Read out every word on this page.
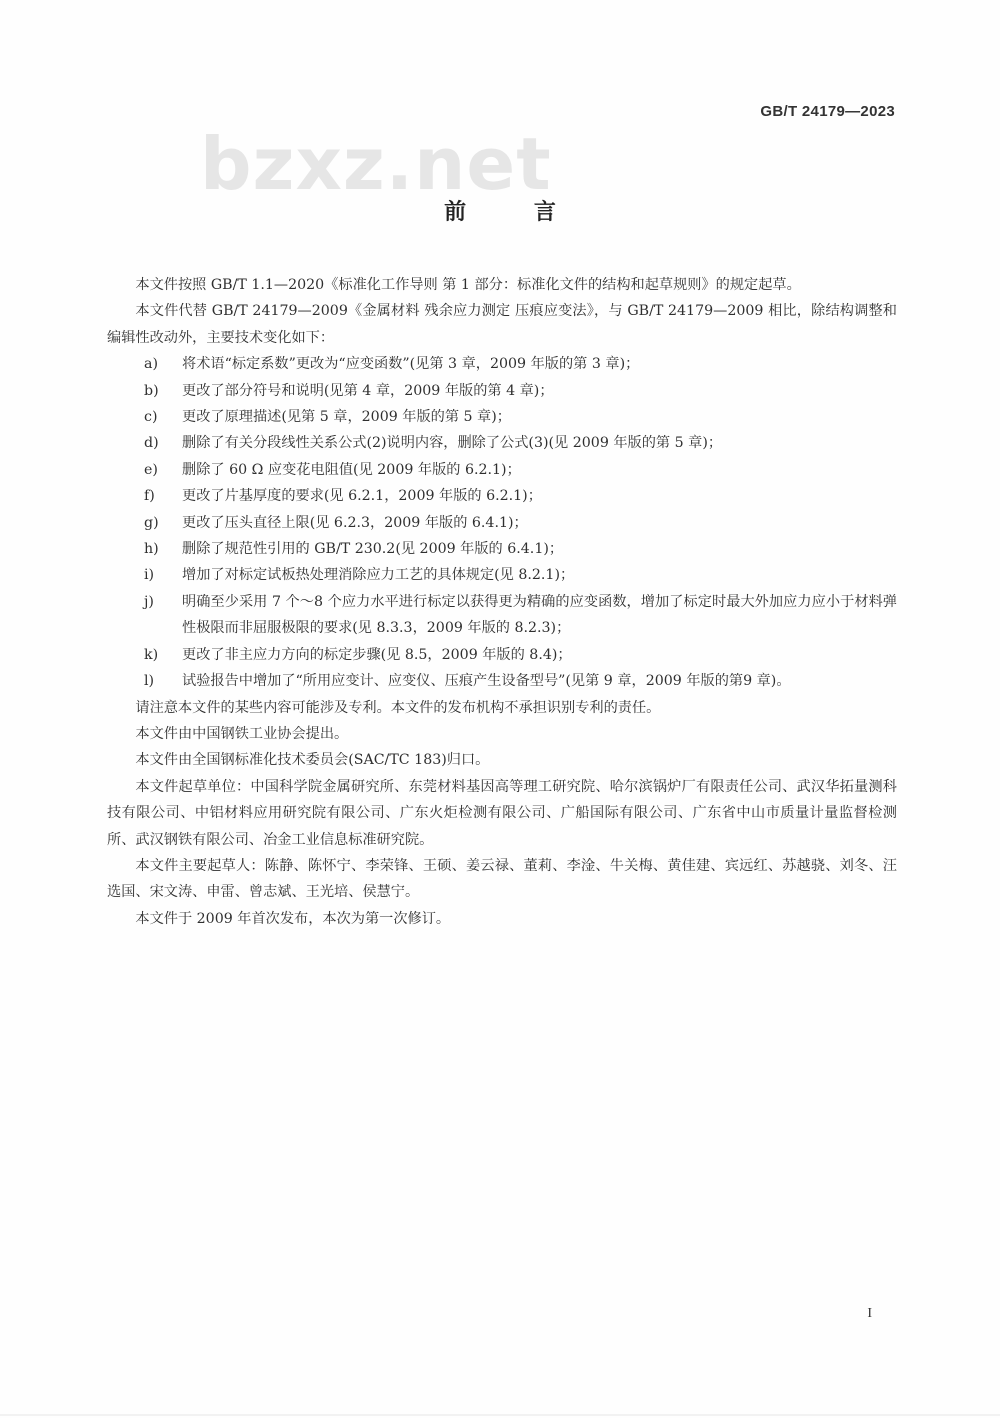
GB/T 24179—2023
bzxz.net
前 言

本文件按照 GB/T 1.1—2020《标准化工作导则 第 1 部分：标准化文件的结构和起草规则》的规定起草。

本文件代替 GB/T 24179—2009《金属材料 残余应力测定 压痕应变法》，与 GB/T 24179—2009 相比，除结构调整和编辑性改动外，主要技术变化如下：

a)	将术语“标定系数”更改为“应变函数”(见第 3 章，2009 年版的第 3 章)；
b)	更改了部分符号和说明(见第 4 章，2009 年版的第 4 章)；
c)	更改了原理描述(见第 5 章，2009 年版的第 5 章)；
d)	删除了有关分段线性关系公式(2)说明内容，删除了公式(3)(见 2009 年版的第 5 章)；
e)	删除了 60 Ω 应变花电阻值(见 2009 年版的 6.2.1)；
f)	更改了片基厚度的要求(见 6.2.1，2009 年版的 6.2.1)；
g)	更改了压头直径上限(见 6.2.3，2009 年版的 6.4.1)；
h)	删除了规范性引用的 GB/T 230.2(见 2009 年版的 6.4.1)；
i)	增加了对标定试板热处理消除应力工艺的具体规定(见 8.2.1)；
j)	明确至少采用 7 个～8 个应力水平进行标定以获得更为精确的应变函数，增加了标定时最大外加应力应小于材料弹性极限而非屈服极限的要求(见 8.3.3，2009 年版的 8.2.3)；
k)	更改了非主应力方向的标定步骤(见 8.5，2009 年版的 8.4)；
l)	试验报告中增加了“所用应变计、应变仪、压痕产生设备型号”(见第 9 章，2009 年版的第9 章)。

请注意本文件的某些内容可能涉及专利。本文件的发布机构不承担识别专利的责任。

本文件由中国钢铁工业协会提出。

本文件由全国钢标准化技术委员会(SAC/TC 183)归口。

本文件起草单位：中国科学院金属研究所、东莞材料基因高等理工研究院、哈尔滨锅炉厂有限责任公司、武汉华拓量测科技有限公司、中铝材料应用研究院有限公司、广东火炬检测有限公司、广船国际有限公司、广东省中山市质量计量监督检测所、武汉钢铁有限公司、冶金工业信息标准研究院。

本文件主要起草人：陈静、陈怀宁、李荣锋、王硕、姜云禄、董莉、李淦、牛关梅、黄佳建、宾远红、苏越骁、刘冬、汪选国、宋文涛、申雷、曾志斌、王光培、侯慧宁。

本文件于 2009 年首次发布，本次为第一次修订。

I
